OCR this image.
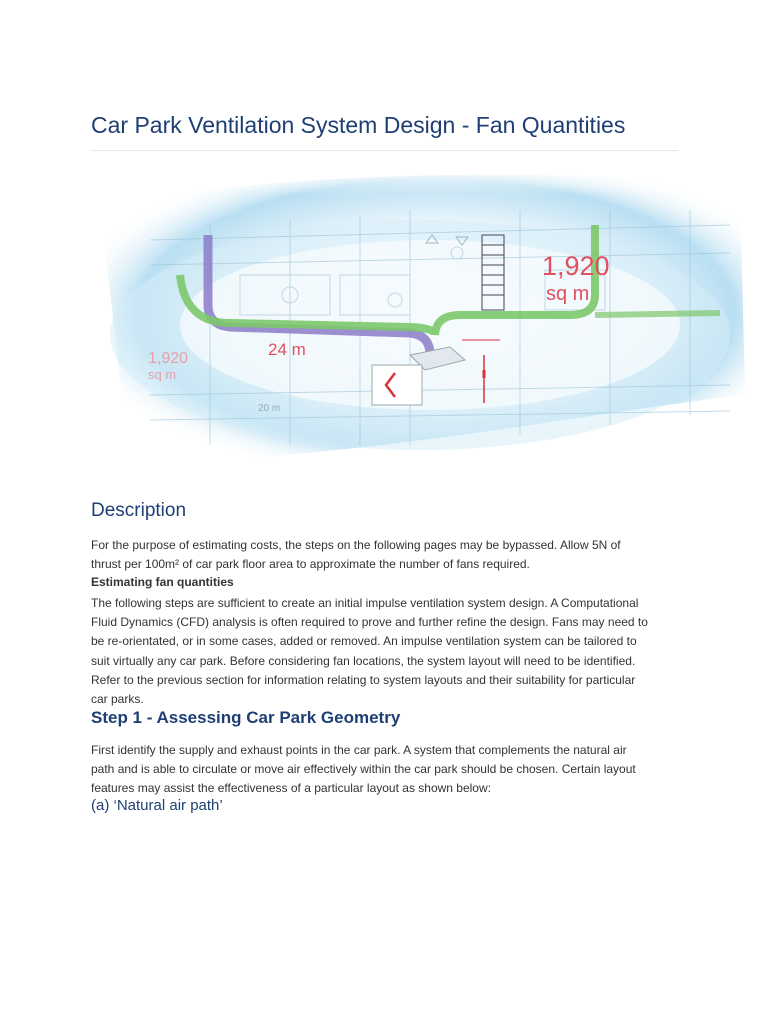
Car Park Ventilation System Design - Fan Quantities
1,920
sq m
1,920
sq m
24 m
20 m
Description

For the purpose of estimating costs, the steps on the following pages may be bypassed. Allow 5N of
thrust per 100m² of car park floor area to approximate the number of fans required.

Estimating fan quantities

The following steps are sufficient to create an initial impulse ventilation system design. A Computational
Fluid Dynamics (CFD) analysis is often required to prove and further refine the design. Fans may need to
be re-orientated, or in some cases, added or removed. An impulse ventilation system can be tailored to
suit virtually any car park. Before considering fan locations, the system layout will need to be identified.
Refer to the previous section for information relating to system layouts and their suitability for particular
car parks.

Step 1 - Assessing Car Park Geometry

First identify the supply and exhaust points in the car park. A system that complements the natural air
path and is able to circulate or move air effectively within the car park should be chosen. Certain layout
features may assist the effectiveness of a particular layout as shown below:

(a) ‘Natural air path’
